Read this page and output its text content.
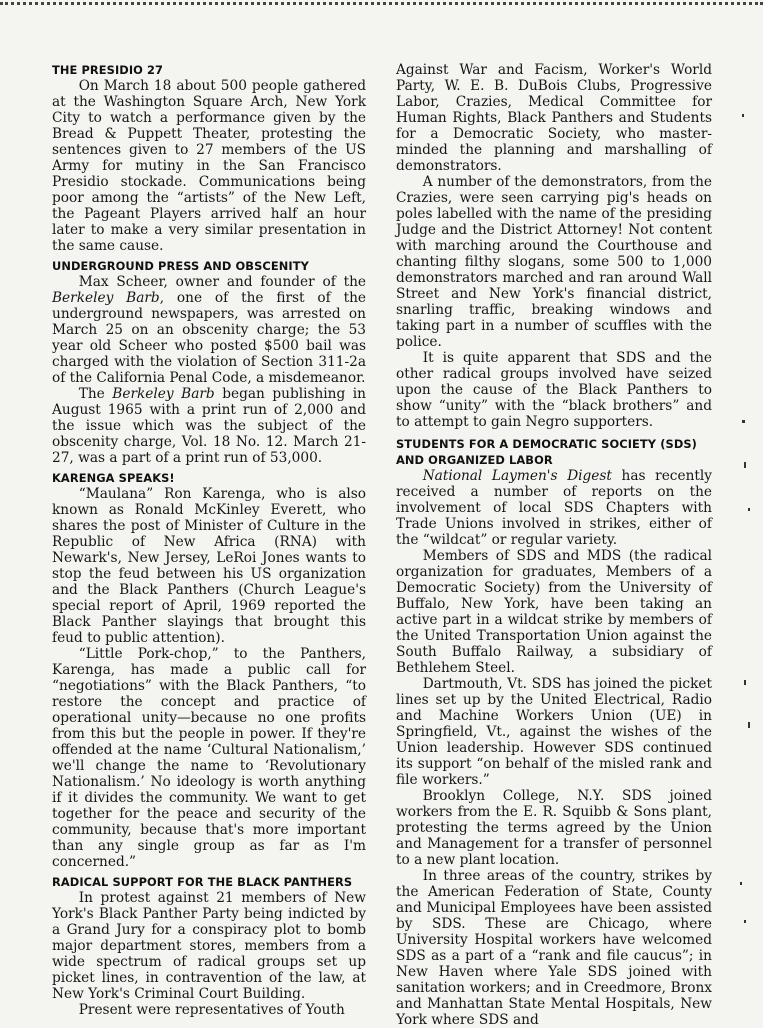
THE PRESIDIO 27

On March 18 about 500 people gathered at the Washington Square Arch, New York City to watch a performance given by the Bread & Puppett Theater, protesting the sentences given to 27 members of the US Army for mutiny in the San Francisco Presidio stockade. Communications being poor among the “artists” of the New Left, the Pageant Players arrived half an hour later to make a very similar presentation in the same cause.

UNDERGROUND PRESS AND OBSCENITY

Max Scheer, owner and founder of the Berkeley Barb, one of the first of the underground newspapers, was arrested on March 25 on an obscenity charge; the 53 year old Scheer who posted $500 bail was charged with the violation of Section 311-2a of the California Penal Code, a misdemeanor.

The Berkeley Barb began publishing in August 1965 with a print run of 2,000 and the issue which was the subject of the obscenity charge, Vol. 18 No. 12. March 21-27, was a part of a print run of 53,000.

KARENGA SPEAKS!

“Maulana” Ron Karenga, who is also known as Ronald McKinley Everett, who shares the post of Minister of Culture in the Republic of New Africa (RNA) with Newark's, New Jersey, LeRoi Jones wants to stop the feud between his US organization and the Black Panthers (Church League's special report of April, 1969 reported the Black Panther slayings that brought this feud to public attention).

“Little Pork-chop,” to the Panthers, Karenga, has made a public call for “negotiations” with the Black Panthers, “to restore the concept and practice of operational unity—because no one profits from this but the people in power. If they're offended at the name ‘Cultural Nationalism,’ we'll change the name to ‘Revolutionary Nationalism.’ No ideology is worth anything if it divides the community. We want to get together for the peace and security of the community, because that's more important than any single group as far as I'm concerned.”

RADICAL SUPPORT FOR THE BLACK PANTHERS

In protest against 21 members of New York's Black Panther Party being indicted by a Grand Jury for a conspiracy plot to bomb major department stores, members from a wide spectrum of radical groups set up picket lines, in contravention of the law, at New York's Criminal Court Building.

Present were representatives of Youth

Against War and Facism, Worker's World Party, W. E. B. DuBois Clubs, Progressive Labor, Crazies, Medical Committee for Human Rights, Black Panthers and Students for a Democratic Society, who master-minded the planning and marshalling of demonstrators.

A number of the demonstrators, from the Crazies, were seen carrying pig's heads on poles labelled with the name of the presiding Judge and the District Attorney! Not content with marching around the Courthouse and chanting filthy slogans, some 500 to 1,000 demonstrators marched and ran around Wall Street and New York's financial district, snarling traffic, breaking windows and taking part in a number of scuffles with the police.

It is quite apparent that SDS and the other radical groups involved have seized upon the cause of the Black Panthers to show “unity” with the “black brothers” and to attempt to gain Negro supporters.

STUDENTS FOR A DEMOCRATIC SOCIETY (SDS)
AND ORGANIZED LABOR

National Laymen's Digest has recently received a number of reports on the involvement of local SDS Chapters with Trade Unions involved in strikes, either of the “wildcat” or regular variety.

Members of SDS and MDS (the radical organization for graduates, Members of a Democratic Society) from the University of Buffalo, New York, have been taking an active part in a wildcat strike by members of the United Transportation Union against the South Buffalo Railway, a subsidiary of Bethlehem Steel.

Dartmouth, Vt. SDS has joined the picket lines set up by the United Electrical, Radio and Machine Workers Union (UE) in Springfield, Vt., against the wishes of the Union leadership. However SDS continued its support “on behalf of the misled rank and file workers.”

Brooklyn College, N.Y. SDS joined workers from the E. R. Squibb & Sons plant, protesting the terms agreed by the Union and Management for a transfer of personnel to a new plant location.

In three areas of the country, strikes by the American Federation of State, County and Municipal Employees have been assisted by SDS. These are Chicago, where University Hospital workers have welcomed SDS as a part of a “rank and file caucus”; in New Haven where Yale SDS joined with sanitation workers; and in Creedmore, Bronx and Manhattan State Mental Hospitals, New York where SDS and
